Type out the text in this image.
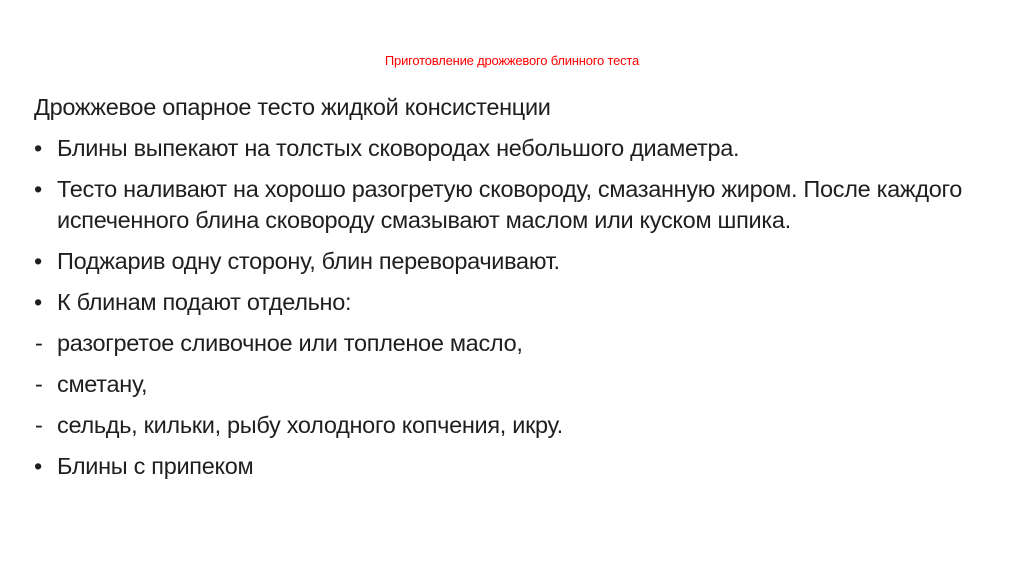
Приготовление дрожжевого блинного теста
Дрожжевое опарное тесто жидкой консистенции
• Блины выпекают на толстых сковородах небольшого диаметра.
• Тесто наливают на хорошо разогретую сковороду, смазанную жиром. После каждого испеченного блина сковороду смазывают маслом или куском шпика.
• Поджарив одну сторону, блин переворачивают.
• К блинам подают отдельно:
- разогретое сливочное или топленое масло,
- сметану,
- сельдь, кильки, рыбу холодного копчения, икру.
• Блины с припеком
